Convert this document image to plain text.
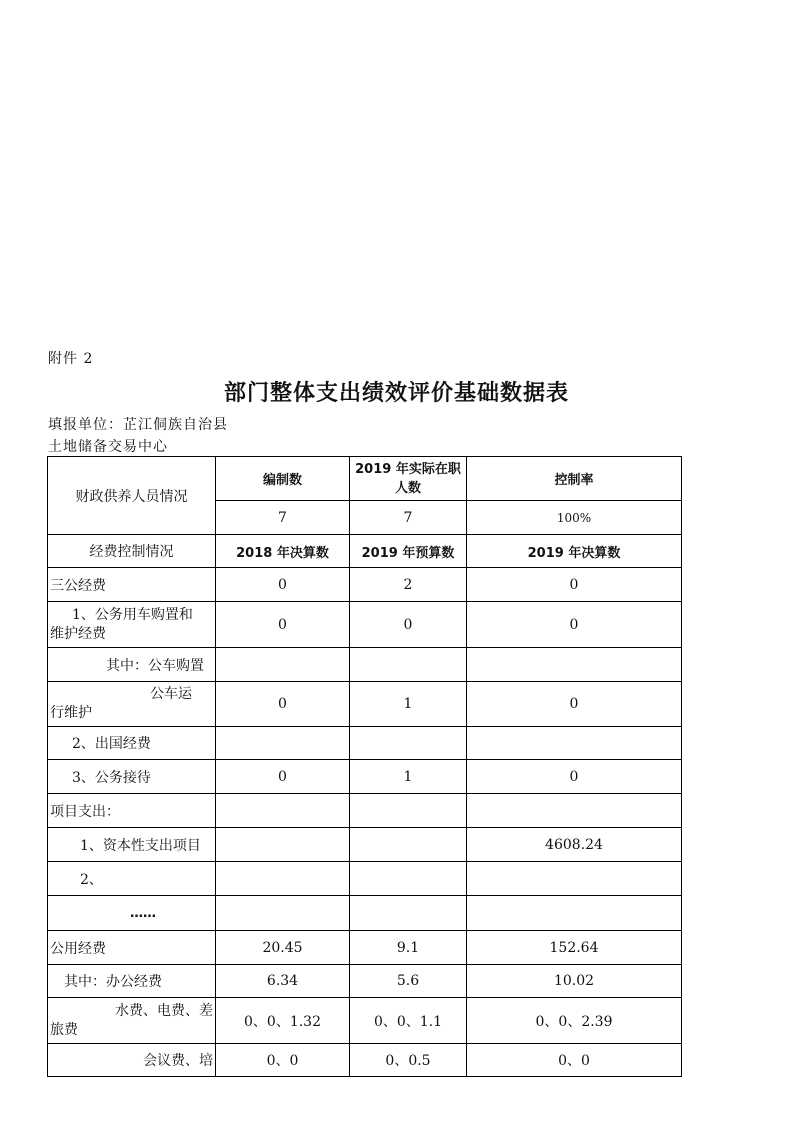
附件 2
部门整体支出绩效评价基础数据表
填报单位：芷江侗族自治县土地储备交易中心
财政供养人员情况	编制数	2019 年实际在职人数	控制率
	7	7	100%
经费控制情况	2018 年决算数	2019 年预算数	2019 年决算数
三公经费	0	2	0

1、公务用车购置和
维护经费	0	0	0

其中：公车购置			

公车运
行维护	0	1	0

2、出国经费			

3、公务接待	0	1	0
项目支出：			

1、资本性支出项目			4608.24

2、			

……			

公用经费	20.45	9.1	152.64

其中：办公经费	6.34	5.6	10.02

水费、电费、差
旅费	0、0、1.32	0、0、1.1	0、0、2.39

会议费、培	0、0	0、0.5	0、0
